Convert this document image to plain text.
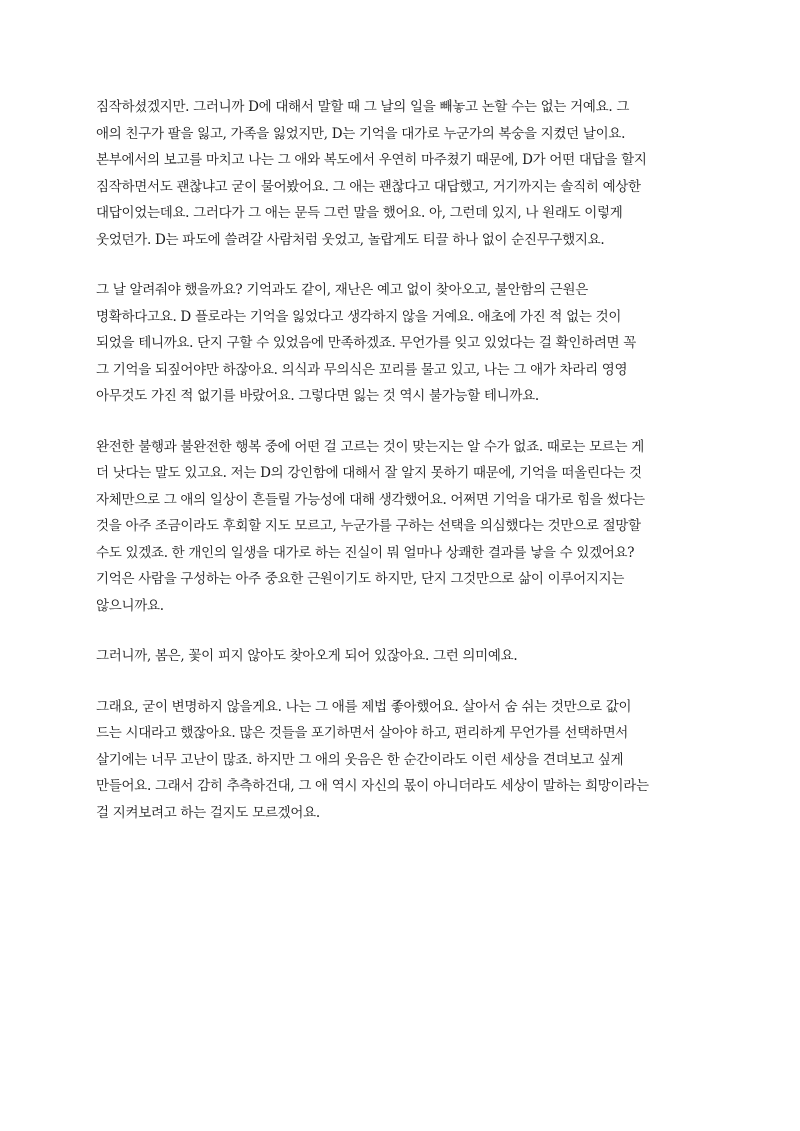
짐작하셨겠지만. 그러니까 D에 대해서 말할 때 그 날의 일을 빼놓고 논할 수는 없는 거예요. 그
애의 친구가 팔을 잃고, 가족을 잃었지만, D는 기억을 대가로 누군가의 복숭을 지켰던 날이요.
본부에서의 보고를 마치고 나는 그 애와 복도에서 우연히 마주쳤기 때문에, D가 어떤 대답을 할지
짐작하면서도 괜찮냐고 굳이 물어봤어요. 그 애는 괜찮다고 대답했고, 거기까지는 솔직히 예상한
대답이었는데요. 그러다가 그 애는 문득 그런 말을 했어요. 아, 그런데 있지, 나 원래도 이렇게
웃었던가. D는 파도에 쓸려갈 사람처럼 웃었고, 놀랍게도 티끌 하나 없이 순진무구했지요.
그 날 알려줘야 했을까요? 기억과도 같이, 재난은 예고 없이 찾아오고, 불안함의 근원은
명확하다고요. D 플로라는 기억을 잃었다고 생각하지 않을 거예요. 애초에 가진 적 없는 것이
되었을 테니까요. 단지 구할 수 있었음에 만족하겠죠. 무언가를 잊고 있었다는 걸 확인하려면 꼭
그 기억을 되짚어야만 하잖아요. 의식과 무의식은 꼬리를 물고 있고, 나는 그 애가 차라리 영영
아무것도 가진 적 없기를 바랐어요. 그렇다면 잃는 것 역시 불가능할 테니까요.
완전한 불행과 불완전한 행복 중에 어떤 걸 고르는 것이 맞는지는 알 수가 없죠. 때로는 모르는 게
더 낫다는 말도 있고요. 저는 D의 강인함에 대해서 잘 알지 못하기 때문에, 기억을 떠올린다는 것
자체만으로 그 애의 일상이 흔들릴 가능성에 대해 생각했어요. 어쩌면 기억을 대가로 힘을 썼다는
것을 아주 조금이라도 후회할 지도 모르고, 누군가를 구하는 선택을 의심했다는 것만으로 절망할
수도 있겠죠. 한 개인의 일생을 대가로 하는 진실이 뭐 얼마나 상쾌한 결과를 낳을 수 있겠어요?
기억은 사람을 구성하는 아주 중요한 근원이기도 하지만, 단지 그것만으로 삶이 이루어지지는
않으니까요.
그러니까, 봄은, 꽃이 피지 않아도 찾아오게 되어 있잖아요. 그런 의미예요.
그래요, 굳이 변명하지 않을게요. 나는 그 애를 제법 좋아했어요. 살아서 숨 쉬는 것만으로 값이
드는 시대라고 했잖아요. 많은 것들을 포기하면서 살아야 하고, 편리하게 무언가를 선택하면서
살기에는 너무 고난이 많죠. 하지만 그 애의 웃음은 한 순간이라도 이런 세상을 견뎌보고 싶게
만들어요. 그래서 감히 추측하건대, 그 애 역시 자신의 몫이 아니더라도 세상이 말하는 희망이라는
걸 지켜보려고 하는 걸지도 모르겠어요.
